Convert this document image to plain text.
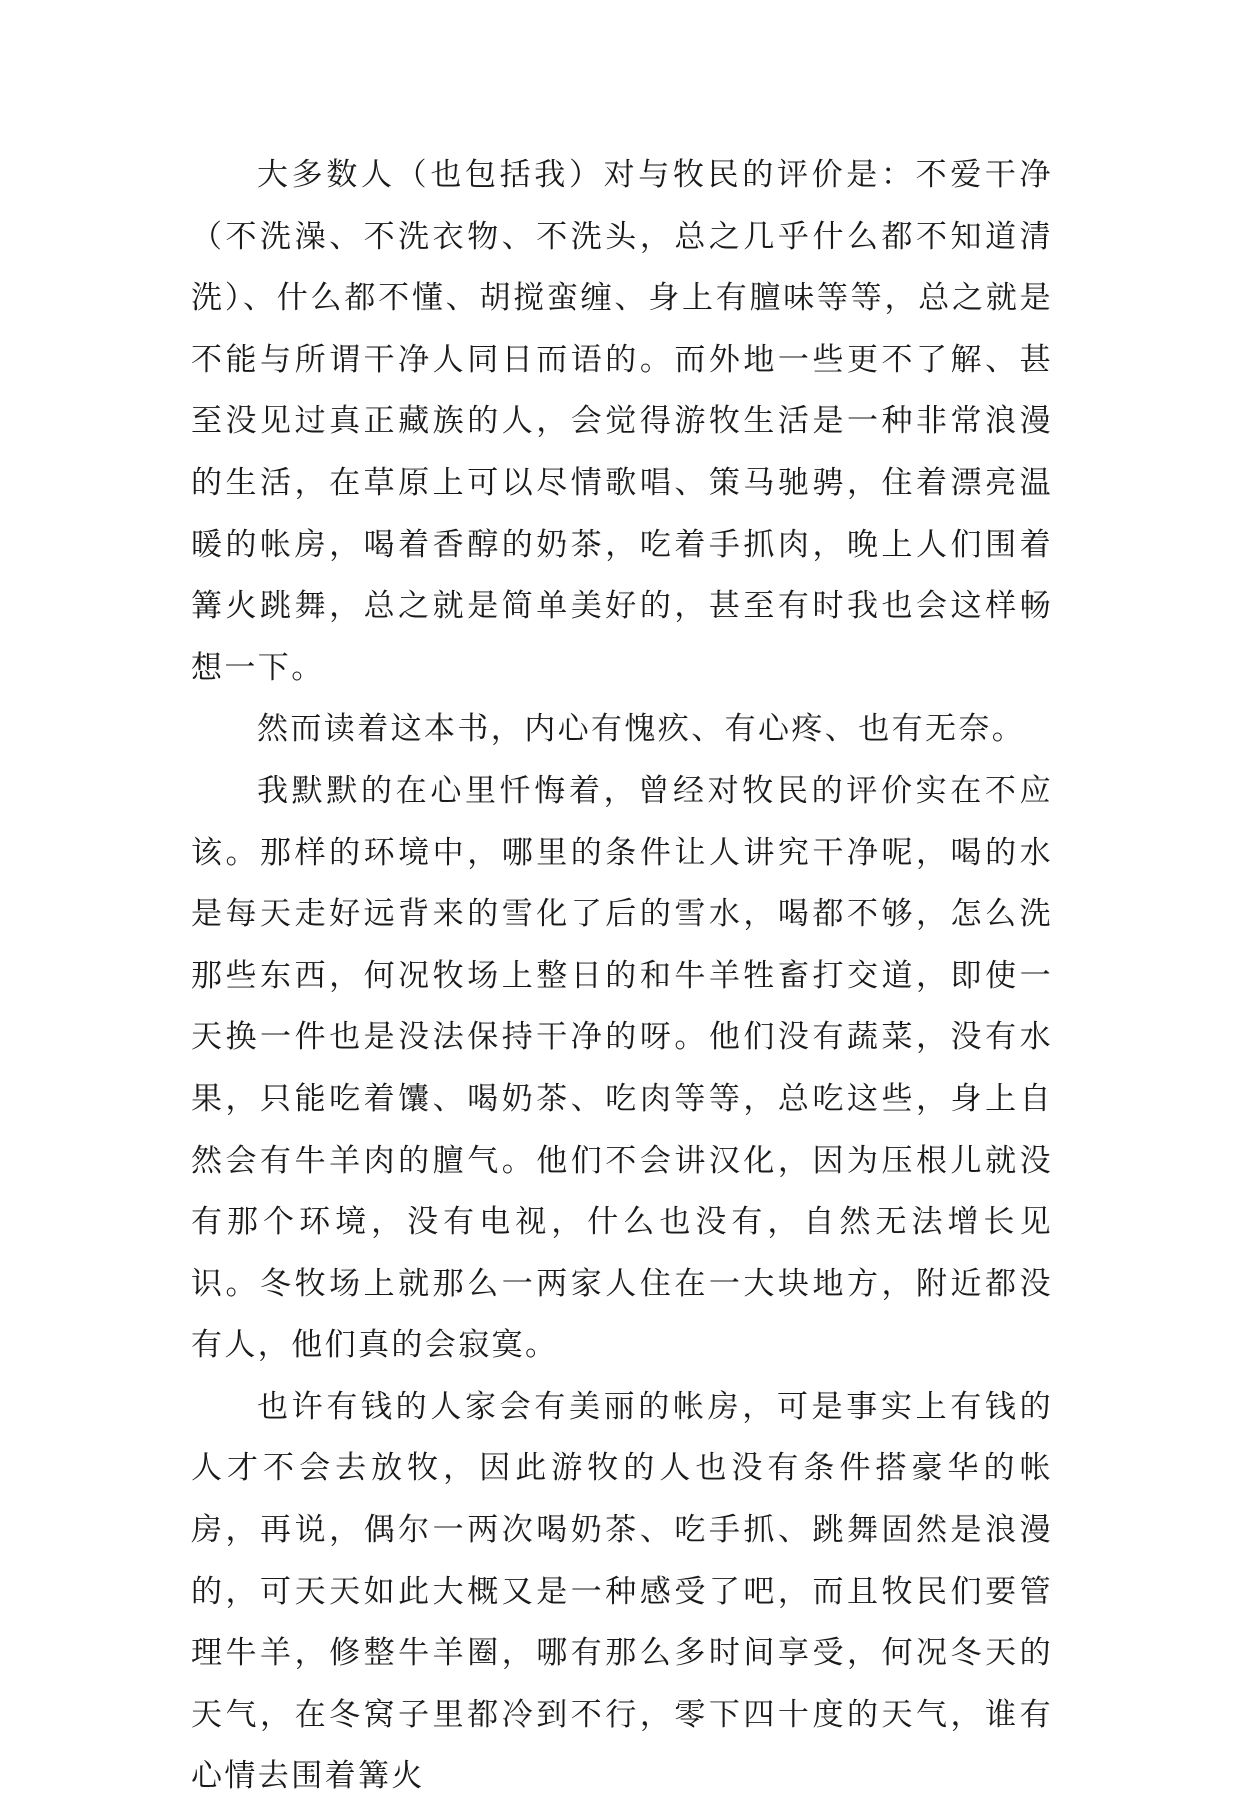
大多数人（也包括我）对与牧民的评价是：不爱干净（不洗澡、不洗衣物、不洗头，总之几乎什么都不知道清洗）、什么都不懂、胡搅蛮缠、身上有膻味等等，总之就是不能与所谓干净人同日而语的。而外地一些更不了解、甚至没见过真正藏族的人，会觉得游牧生活是一种非常浪漫的生活，在草原上可以尽情歌唱、策马驰骋，住着漂亮温暖的帐房，喝着香醇的奶茶，吃着手抓肉，晚上人们围着篝火跳舞，总之就是简单美好的，甚至有时我也会这样畅想一下。

然而读着这本书，内心有愧疚、有心疼、也有无奈。

我默默的在心里忏悔着，曾经对牧民的评价实在不应该。那样的环境中，哪里的条件让人讲究干净呢，喝的水是每天走好远背来的雪化了后的雪水，喝都不够，怎么洗那些东西，何况牧场上整日的和牛羊牲畜打交道，即使一天换一件也是没法保持干净的呀。他们没有蔬菜，没有水果，只能吃着馕、喝奶茶、吃肉等等，总吃这些，身上自然会有牛羊肉的膻气。他们不会讲汉化，因为压根儿就没有那个环境，没有电视，什么也没有，自然无法增长见识。冬牧场上就那么一两家人住在一大块地方，附近都没有人，他们真的会寂寞。

也许有钱的人家会有美丽的帐房，可是事实上有钱的人才不会去放牧，因此游牧的人也没有条件搭豪华的帐房，再说，偶尔一两次喝奶茶、吃手抓、跳舞固然是浪漫的，可天天如此大概又是一种感受了吧，而且牧民们要管理牛羊，修整牛羊圈，哪有那么多时间享受，何况冬天的天气，在冬窝子里都冷到不行，零下四十度的天气，谁有心情去围着篝火
